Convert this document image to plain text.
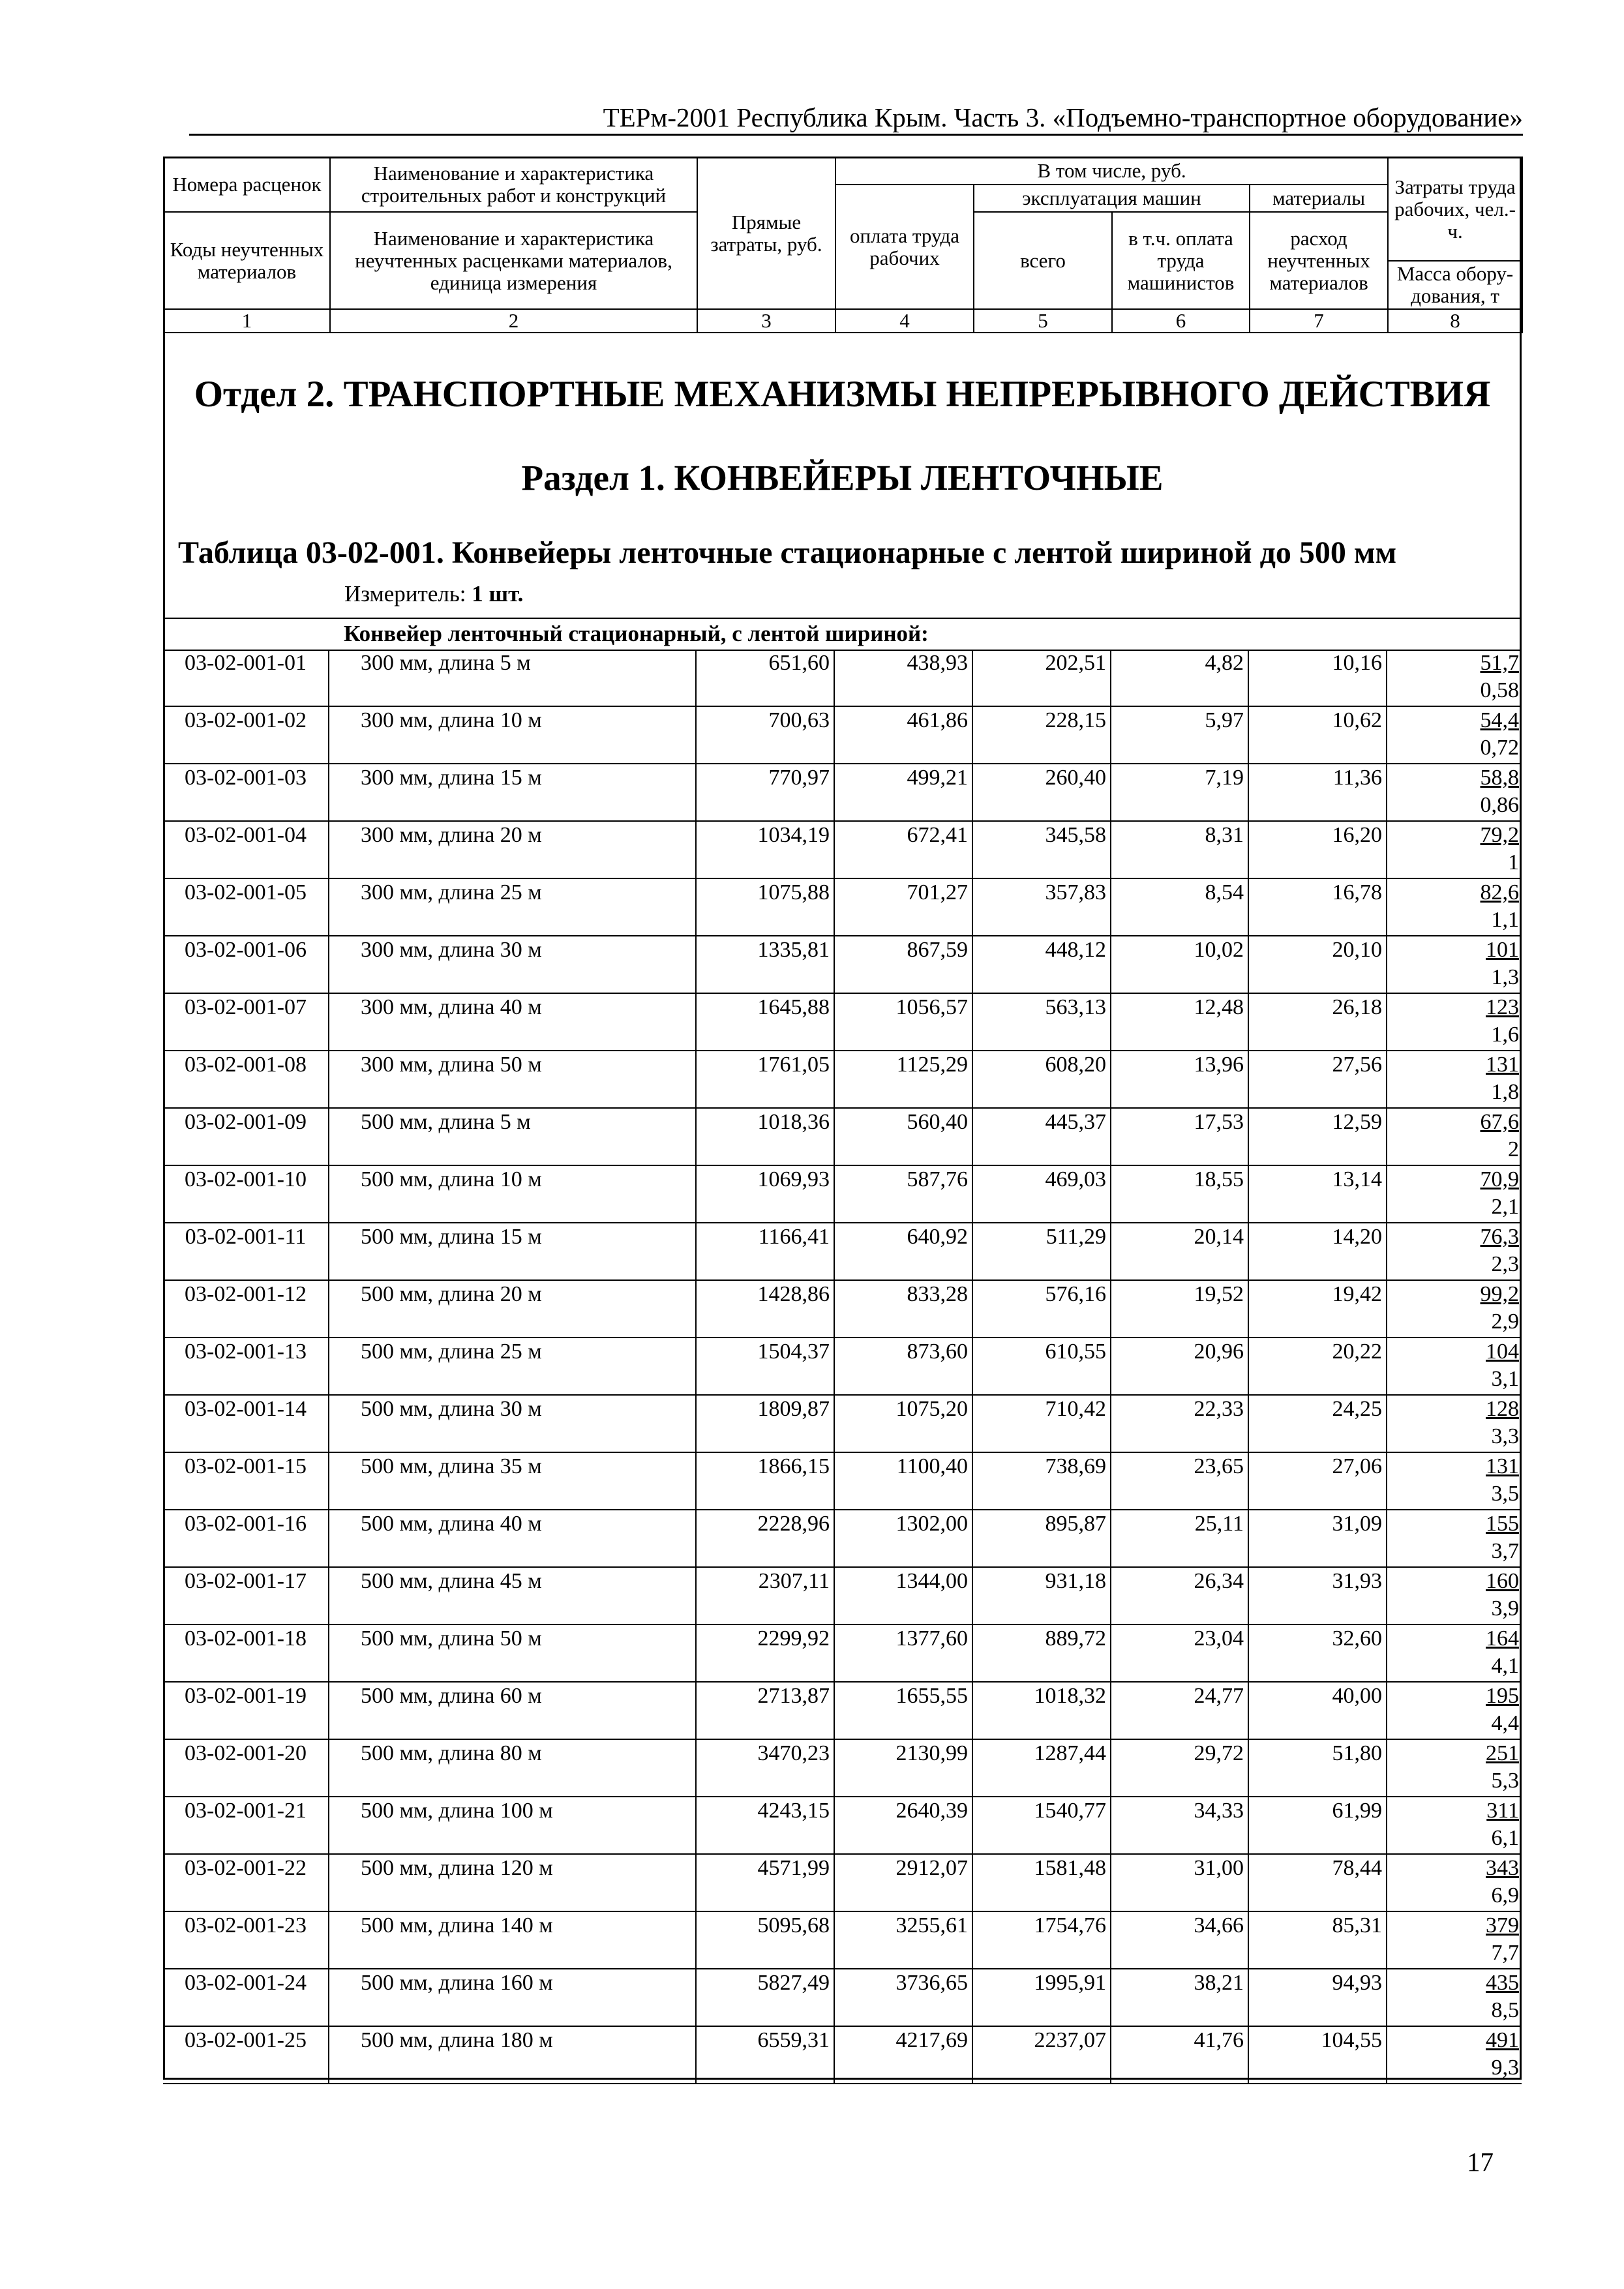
ТЕРм-2001 Республика Крым. Часть 3. «Подъемно-транспортное оборудование»
Номера расценок	Наименование и характеристика строительных работ и конструкций	Прямые затраты, руб.	В том числе, руб.				Затраты труда рабочих, чел.-ч.
			оплата труда рабочих	эксплуатация машин		материалы	
Коды неучтенных материалов	Наименование и характеристика неучтенных расценками материалов, единица измерения			всего	в т.ч. оплата труда машинистов	расход неучтенных материалов	
							Масса обору-дования, т
1	2	3	4	5	6	7	8
Отдел 2. ТРАНСПОРТНЫЕ МЕХАНИЗМЫ НЕПРЕРЫВНОГО ДЕЙСТВИЯ
Раздел 1. КОНВЕЙЕРЫ ЛЕНТОЧНЫЕ
Таблица 03-02-001. Конвейеры ленточные стационарные с лентой шириной до 500 мм
Измеритель: 1 шт.
Конвейер ленточный стационарный, с лентой шириной:
03-02-001-01	300 мм, длина 5 м	651,60	438,93	202,51	4,82	10,16	51,7
0,58
03-02-001-02	300 мм, длина 10 м	700,63	461,86	228,15	5,97	10,62	54,4
0,72
03-02-001-03	300 мм, длина 15 м	770,97	499,21	260,40	7,19	11,36	58,8
0,86
03-02-001-04	300 мм, длина 20 м	1034,19	672,41	345,58	8,31	16,20	79,2
1
03-02-001-05	300 мм, длина 25 м	1075,88	701,27	357,83	8,54	16,78	82,6
1,1
03-02-001-06	300 мм, длина 30 м	1335,81	867,59	448,12	10,02	20,10	101
1,3
03-02-001-07	300 мм, длина 40 м	1645,88	1056,57	563,13	12,48	26,18	123
1,6
03-02-001-08	300 мм, длина 50 м	1761,05	1125,29	608,20	13,96	27,56	131
1,8
03-02-001-09	500 мм, длина 5 м	1018,36	560,40	445,37	17,53	12,59	67,6
2
03-02-001-10	500 мм, длина 10 м	1069,93	587,76	469,03	18,55	13,14	70,9
2,1
03-02-001-11	500 мм, длина 15 м	1166,41	640,92	511,29	20,14	14,20	76,3
2,3
03-02-001-12	500 мм, длина 20 м	1428,86	833,28	576,16	19,52	19,42	99,2
2,9
03-02-001-13	500 мм, длина 25 м	1504,37	873,60	610,55	20,96	20,22	104
3,1
03-02-001-14	500 мм, длина 30 м	1809,87	1075,20	710,42	22,33	24,25	128
3,3
03-02-001-15	500 мм, длина 35 м	1866,15	1100,40	738,69	23,65	27,06	131
3,5
03-02-001-16	500 мм, длина 40 м	2228,96	1302,00	895,87	25,11	31,09	155
3,7
03-02-001-17	500 мм, длина 45 м	2307,11	1344,00	931,18	26,34	31,93	160
3,9
03-02-001-18	500 мм, длина 50 м	2299,92	1377,60	889,72	23,04	32,60	164
4,1
03-02-001-19	500 мм, длина 60 м	2713,87	1655,55	1018,32	24,77	40,00	195
4,4
03-02-001-20	500 мм, длина 80 м	3470,23	2130,99	1287,44	29,72	51,80	251
5,3
03-02-001-21	500 мм, длина 100 м	4243,15	2640,39	1540,77	34,33	61,99	311
6,1
03-02-001-22	500 мм, длина 120 м	4571,99	2912,07	1581,48	31,00	78,44	343
6,9
03-02-001-23	500 мм, длина 140 м	5095,68	3255,61	1754,76	34,66	85,31	379
7,7
03-02-001-24	500 мм, длина 160 м	5827,49	3736,65	1995,91	38,21	94,93	435
8,5
03-02-001-25	500 мм, длина 180 м	6559,31	4217,69	2237,07	41,76	104,55	491
9,3
17
